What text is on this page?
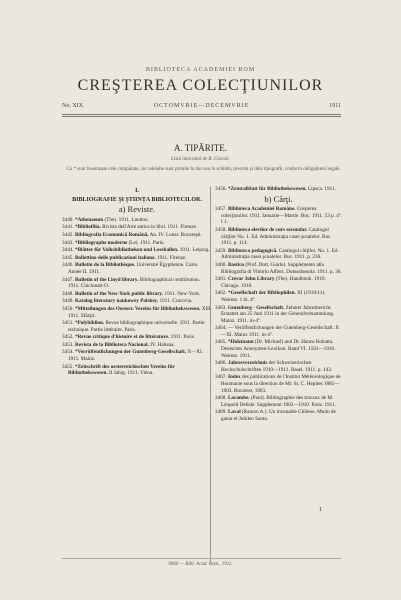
BIBLIOTECA ACADEMIEI ROM
CREŞTEREA COLECŢIUNILOR
No. XIX.	OCTOMVRIE—DECEMVRIE	1911
A. TIPĂRITE.
Listă întocmită de R. Cioculi.
Cu * sunt însemnate cele cumpărate, iar celelalte sunt primite în dar sau în schimb, precum şi dela tipografii, conform obligaţiunii legale.
I.
BIBLIOGRAFIE ŞI ŞTIINŢA BIBLIOTECILOR.
a) Reviste.
3440. *Athenaeum (The). 1911. London.
3441. *Bibliofilia. Rivista dell'Arte antica in libri. 1911. Firenze.
3442. Bibliografia Economică Română. An. IV. Lunar. Bucureşti.
3443. *Bibliographe moderne (Le). 1911. Paris.
3444. *Blätter für Volksbibliotheken und Lesehallen. 1911. Leipzig.
3445. Bollettino delle publicazioni italiane. 1911. Firenze.
3446. Bulletin de la Bibliothèque. Université Égyptienne. Cairo. Année II. 1911.
3447. Bulletin of the Lloyd library. Bibliographical contribution. 1911. Cincinnati-O.
3448. Bulletin of the New-York public library. 1911. New-York.
3449. Katalog literatury naukowey Polskey. 1911. Cracovia.
3450. *Mitteilungen des Oesterr. Vereins für Bibliothekswesen. XIII. 1911. Sfârşit.
3451. *Polybiblion. Revue bibliographique universelle. 1911. Partie technique. Partie littéraire. Paris.
3452. *Revue critique d'histoire et de littérature. 1911. Paris.
3453. Revista de la Biblioteca Nacional. IV. Habana.
3454. *Verröffentlichungen der Gutenberg-Gesellschaft. X—XI. 1911. Mainz.
3455. *Zeitschrift des oesterreichischen Vereins für Bibliothekswesen. II Jahrg. 1911. Viena.
3456. *Zentralblatt für Bibliothekswesen. Lipsca. 1911.
b) Cărţi.
3457. Biblioteca Academiei Române. Creşterea colecţiunilor. 1911. Ianuarie—Martie. Buc. 1911. 53 p. 4º. I 1.
3458. Biblioteca elevilor de curs secundar. Catalogul cărţilor No. 1. Ed. Administraţia casei şcoalelor. Buc. 1911. p. 114.
3459. Biblioteca pedagogică. Catalogul cărţilor. No. 1. Ed. Administraţia casei şcoalelor. Buc. 1911. p. 236.
3460. Bastico (Prof. Dott. Guido). Supplemento alla Bibliografia di Vittorio Alfieri. Domodossola. 1911. p. 36.
3461. Crerar John Library (The). Handbook. 1910. Chicago. 1910.
3462. *Gesellschaft der Bibliophilen. XI (1910/11). Weimar. 1 br. 4º.
3463. Gutenberg - Gesellschaft. Zehnter Jahresbericht. Erstattet am 25 Juni 1911 in der Generalversammlung. Mainz. 1911. in-4º.
3464. — Veröffentlichungen der Gutenberg-Gesellschaft. X—XI. Mainz 1911. in-4º.
3465. *Holzmann (Dr. Michael) und Dr. Hanns Bohatta. Deutsches Anonymen-Lexikon. Band VI. 1501—1910. Weimar. 1911.
3466. Jahresverzeichnis der Schweizerischen Hochschulschriften 1910—1911. Basel. 1911. p. 143.
3467. Index des publications de l'Institut Météorologique de Roumanie sous la direction de Mr. St. C. Hepites 1885—1903. Bucarest, 1903.
3468. Lacombe. (Paul). Bibliographie des travaux de M. Léopold Delisle. Supplement 1902—1910. Paris. 1911.
3469. Laval (Ramon A.). Un incunable Chileno. Modo de ganar el Jubileo Santo.
1
9060 — Bibl. Acad. Rom., 1911.
